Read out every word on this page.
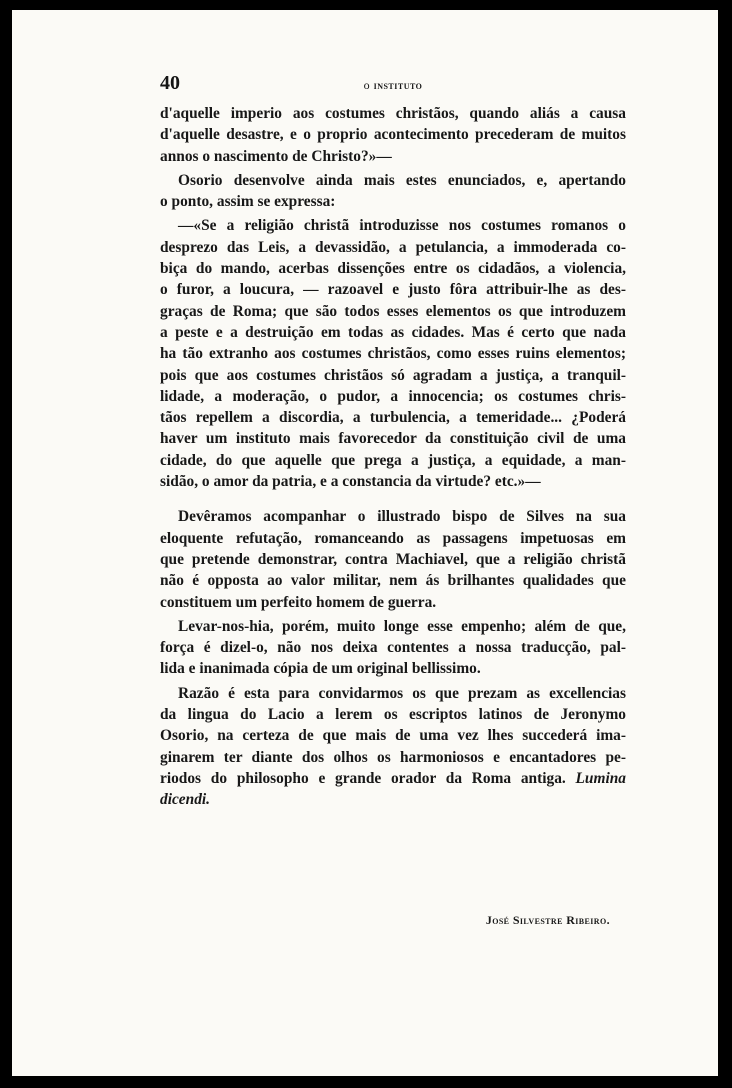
40	o instituto

d'aquelle imperio aos costumes christãos, quando aliás a causa
d'aquelle desastre, e o proprio acontecimento precederam de muitos
annos o nascimento de Christo?»—

Osorio desenvolve ainda mais estes enunciados, e, apertando
o ponto, assim se expressa:

—«Se a religião christã introduzisse nos costumes romanos o
desprezo das Leis, a devassidão, a petulancia, a immoderada co-
biça do mando, acerbas dissenções entre os cidadãos, a violencia,
o furor, a loucura, — razoavel e justo fôra attribuir-lhe as des-
graças de Roma; que são todos esses elementos os que introduzem
a peste e a destruição em todas as cidades. Mas é certo que nada
ha tão extranho aos costumes christãos, como esses ruins elementos;
pois que aos costumes christãos só agradam a justiça, a tranquil-
lidade, a moderação, o pudor, a innocencia; os costumes chris-
tãos repellem a discordia, a turbulencia, a temeridade... ¿Poderá
haver um instituto mais favorecedor da constituição civil de uma
cidade, do que aquelle que prega a justiça, a equidade, a man-
sidão, o amor da patria, e a constancia da virtude? etc.»—

Devêramos acompanhar o illustrado bispo de Silves na sua
eloquente refutação, romanceando as passagens impetuosas em
que pretende demonstrar, contra Machiavel, que a religião christã
não é opposta ao valor militar, nem ás brilhantes qualidades que
constituem um perfeito homem de guerra.

Levar-nos-hia, porém, muito longe esse empenho; além de que,
força é dizel-o, não nos deixa contentes a nossa traducção, pal-
lida e inanimada cópia de um original bellissimo.

Razão é esta para convidarmos os que prezam as excellencias
da lingua do Lacio a lerem os escriptos latinos de Jeronymo
Osorio, na certeza de que mais de uma vez lhes succederá ima-
ginarem ter diante dos olhos os harmoniosos e encantadores pe-
riodos do philosopho e grande orador da Roma antiga. Lumina
dicendi.

José Silvestre Ribeiro.
